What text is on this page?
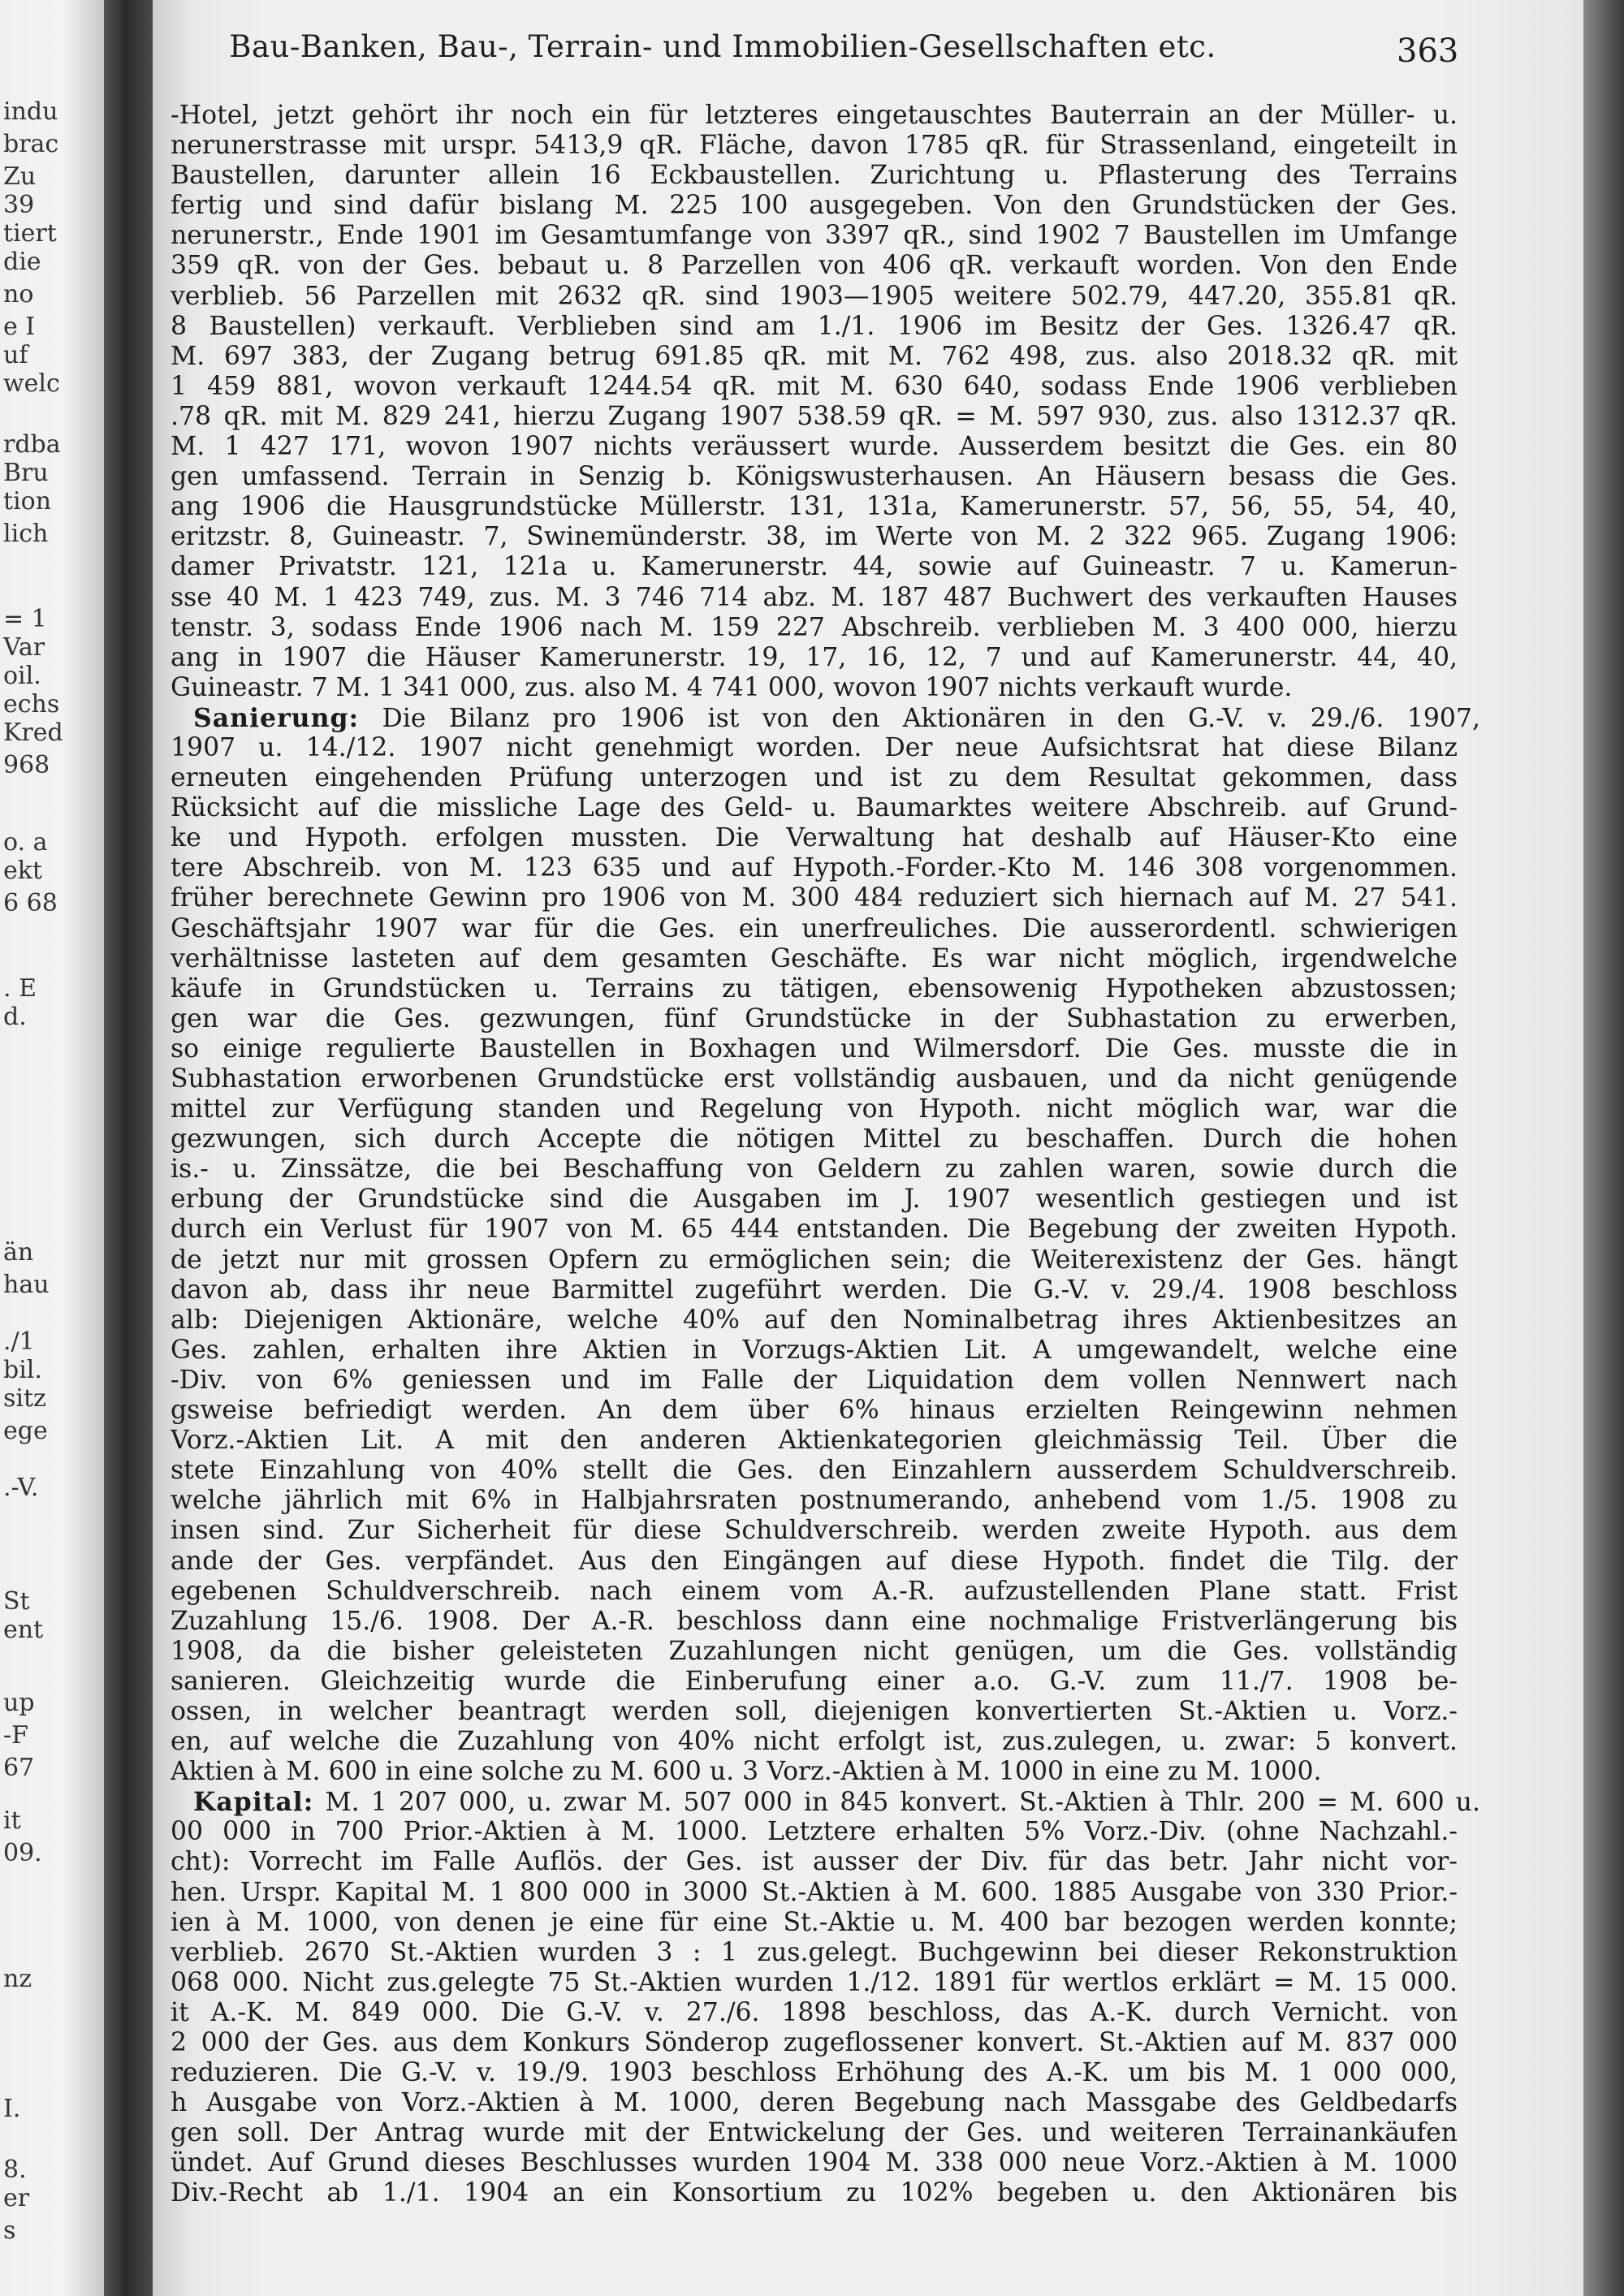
indu
brac
Zu
39
tiert
die
no
e I
uf
welc
rdba
Bru
tion
lich
= 1
Var
oil.
echs
Kred
968
o. a
ekt
6 68
. E
d.
än
hau
./1
bil.
sitz
ege
.-V.
St
ent
up
-F
67
it
09.
nz
I.
8.
er
s
Bau-Banken, Bau-, Terrain- und Immobilien-Gesellschaften etc.	363
-Hotel, jetzt gehört ihr noch ein für letzteres eingetauschtes Bauterrain an der Müller- u.
nerunerstrasse mit urspr. 5413,9 qR. Fläche, davon 1785 qR. für Strassenland, eingeteilt in
Baustellen, darunter allein 16 Eckbaustellen. Zurichtung u. Pflasterung des Terrains
fertig und sind dafür bislang M. 225 100 ausgegeben. Von den Grundstücken der Ges.
nerunerstr., Ende 1901 im Gesamtumfange von 3397 qR., sind 1902 7 Baustellen im Umfange
359 qR. von der Ges. bebaut u. 8 Parzellen von 406 qR. verkauft worden. Von den Ende
verblieb. 56 Parzellen mit 2632 qR. sind 1903—1905 weitere 502.79, 447.20, 355.81 qR.
8 Baustellen) verkauft. Verblieben sind am 1./1. 1906 im Besitz der Ges. 1326.47 qR.
M. 697 383, der Zugang betrug 691.85 qR. mit M. 762 498, zus. also 2018.32 qR. mit
1 459 881, wovon verkauft 1244.54 qR. mit M. 630 640, sodass Ende 1906 verblieben
.78 qR. mit M. 829 241, hierzu Zugang 1907 538.59 qR. = M. 597 930, zus. also 1312.37 qR.
M. 1 427 171, wovon 1907 nichts veräussert wurde. Ausserdem besitzt die Ges. ein 80
gen umfassend. Terrain in Senzig b. Königswusterhausen. An Häusern besass die Ges.
ang 1906 die Hausgrundstücke Müllerstr. 131, 131a, Kamerunerstr. 57, 56, 55, 54, 40,
eritzstr. 8, Guineastr. 7, Swinemünderstr. 38, im Werte von M. 2 322 965. Zugang 1906:
damer Privatstr. 121, 121a u. Kamerunerstr. 44, sowie auf Guineastr. 7 u. Kamerun-
sse 40 M. 1 423 749, zus. M. 3 746 714 abz. M. 187 487 Buchwert des verkauften Hauses
tenstr. 3, sodass Ende 1906 nach M. 159 227 Abschreib. verblieben M. 3 400 000, hierzu
ang in 1907 die Häuser Kamerunerstr. 19, 17, 16, 12, 7 und auf Kamerunerstr. 44, 40,
Guineastr. 7 M. 1 341 000, zus. also M. 4 741 000, wovon 1907 nichts verkauft wurde.
Sanierung: Die Bilanz pro 1906 ist von den Aktionären in den G.-V. v. 29./6. 1907,
1907 u. 14./12. 1907 nicht genehmigt worden. Der neue Aufsichtsrat hat diese Bilanz
erneuten eingehenden Prüfung unterzogen und ist zu dem Resultat gekommen, dass
Rücksicht auf die missliche Lage des Geld- u. Baumarktes weitere Abschreib. auf Grund-
ke und Hypoth. erfolgen mussten. Die Verwaltung hat deshalb auf Häuser-Kto eine
tere Abschreib. von M. 123 635 und auf Hypoth.-Forder.-Kto M. 146 308 vorgenommen.
früher berechnete Gewinn pro 1906 von M. 300 484 reduziert sich hiernach auf M. 27 541.
Geschäftsjahr 1907 war für die Ges. ein unerfreuliches. Die ausserordentl. schwierigen
verhältnisse lasteten auf dem gesamten Geschäfte. Es war nicht möglich, irgendwelche
käufe in Grundstücken u. Terrains zu tätigen, ebensowenig Hypotheken abzustossen;
gen war die Ges. gezwungen, fünf Grundstücke in der Subhastation zu erwerben,
so einige regulierte Baustellen in Boxhagen und Wilmersdorf. Die Ges. musste die in
Subhastation erworbenen Grundstücke erst vollständig ausbauen, und da nicht genügende
mittel zur Verfügung standen und Regelung von Hypoth. nicht möglich war, war die
gezwungen, sich durch Accepte die nötigen Mittel zu beschaffen. Durch die hohen
is.- u. Zinssätze, die bei Beschaffung von Geldern zu zahlen waren, sowie durch die
erbung der Grundstücke sind die Ausgaben im J. 1907 wesentlich gestiegen und ist
durch ein Verlust für 1907 von M. 65 444 entstanden. Die Begebung der zweiten Hypoth.
de jetzt nur mit grossen Opfern zu ermöglichen sein; die Weiterexistenz der Ges. hängt
davon ab, dass ihr neue Barmittel zugeführt werden. Die G.-V. v. 29./4. 1908 beschloss
alb: Diejenigen Aktionäre, welche 40% auf den Nominalbetrag ihres Aktienbesitzes an
Ges. zahlen, erhalten ihre Aktien in Vorzugs-Aktien Lit. A umgewandelt, welche eine
-Div. von 6% geniessen und im Falle der Liquidation dem vollen Nennwert nach
gsweise befriedigt werden. An dem über 6% hinaus erzielten Reingewinn nehmen
Vorz.-Aktien Lit. A mit den anderen Aktienkategorien gleichmässig Teil. Über die
stete Einzahlung von 40% stellt die Ges. den Einzahlern ausserdem Schuldverschreib.
welche jährlich mit 6% in Halbjahrsraten postnumerando, anhebend vom 1./5. 1908 zu
insen sind. Zur Sicherheit für diese Schuldverschreib. werden zweite Hypoth. aus dem
ande der Ges. verpfändet. Aus den Eingängen auf diese Hypoth. findet die Tilg. der
egebenen Schuldverschreib. nach einem vom A.-R. aufzustellenden Plane statt. Frist
Zuzahlung 15./6. 1908. Der A.-R. beschloss dann eine nochmalige Fristverlängerung bis
1908, da die bisher geleisteten Zuzahlungen nicht genügen, um die Ges. vollständig
sanieren. Gleichzeitig wurde die Einberufung einer a.o. G.-V. zum 11./7. 1908 be-
ossen, in welcher beantragt werden soll, diejenigen konvertierten St.-Aktien u. Vorz.-
en, auf welche die Zuzahlung von 40% nicht erfolgt ist, zus.zulegen, u. zwar: 5 konvert.
Aktien à M. 600 in eine solche zu M. 600 u. 3 Vorz.-Aktien à M. 1000 in eine zu M. 1000.
Kapital: M. 1 207 000, u. zwar M. 507 000 in 845 konvert. St.-Aktien à Thlr. 200 = M. 600 u.
00 000 in 700 Prior.-Aktien à M. 1000. Letztere erhalten 5% Vorz.-Div. (ohne Nachzahl.-
cht): Vorrecht im Falle Auflös. der Ges. ist ausser der Div. für das betr. Jahr nicht vor-
hen. Urspr. Kapital M. 1 800 000 in 3000 St.-Aktien à M. 600. 1885 Ausgabe von 330 Prior.-
ien à M. 1000, von denen je eine für eine St.-Aktie u. M. 400 bar bezogen werden konnte;
verblieb. 2670 St.-Aktien wurden 3 : 1 zus.gelegt. Buchgewinn bei dieser Rekonstruktion
068 000. Nicht zus.gelegte 75 St.-Aktien wurden 1./12. 1891 für wertlos erklärt = M. 15 000.
it A.-K. M. 849 000. Die G.-V. v. 27./6. 1898 beschloss, das A.-K. durch Vernicht. von
2 000 der Ges. aus dem Konkurs Sönderop zugeflossener konvert. St.-Aktien auf M. 837 000
reduzieren. Die G.-V. v. 19./9. 1903 beschloss Erhöhung des A.-K. um bis M. 1 000 000,
h Ausgabe von Vorz.-Aktien à M. 1000, deren Begebung nach Massgabe des Geldbedarfs
gen soll. Der Antrag wurde mit der Entwickelung der Ges. und weiteren Terrainankäufen
ündet. Auf Grund dieses Beschlusses wurden 1904 M. 338 000 neue Vorz.-Aktien à M. 1000
Div.-Recht ab 1./1. 1904 an ein Konsortium zu 102% begeben u. den Aktionären bis
